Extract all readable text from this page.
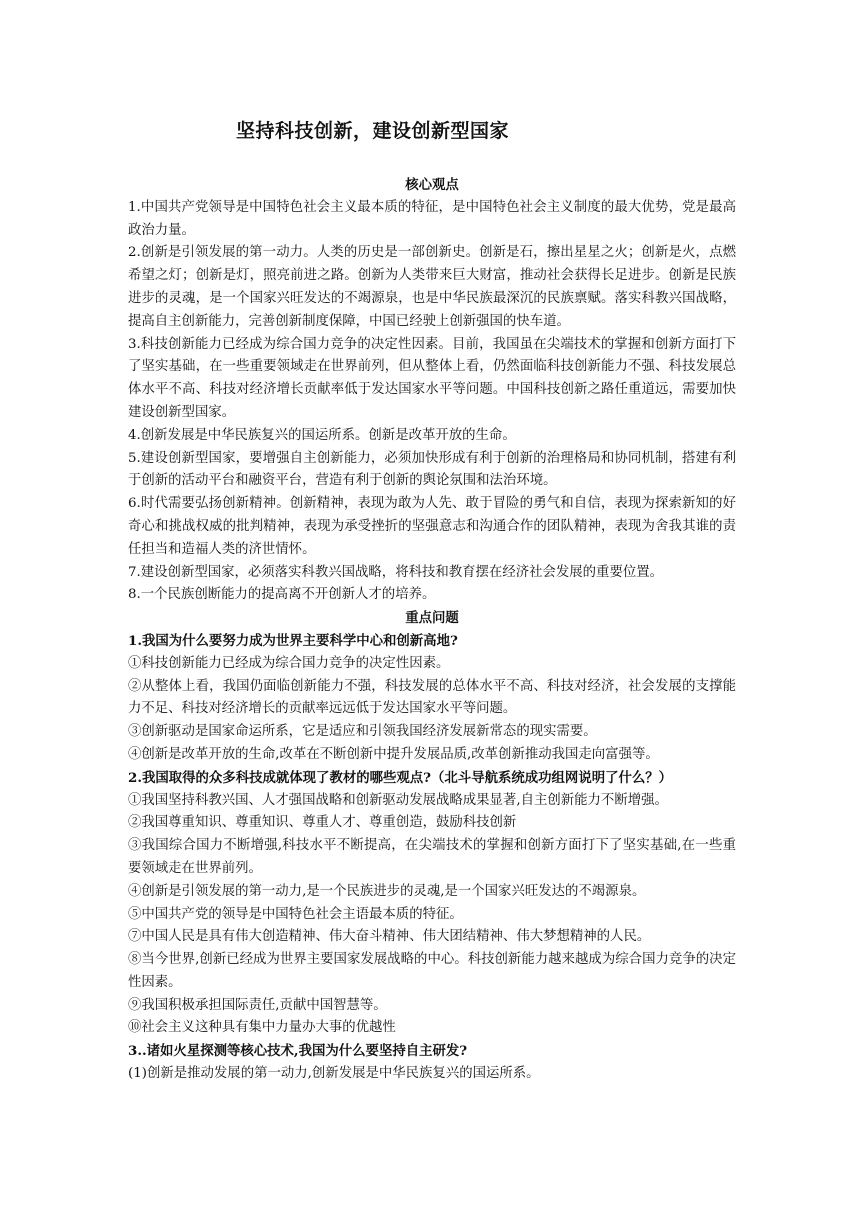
坚持科技创新，建设创新型国家

核心观点

1.中国共产党领导是中国特色社会主义最本质的特征，是中国特色社会主义制度的最大优势，党是最高政治力量。

2.创新是引领发展的第一动力。人类的历史是一部创新史。创新是石，擦出星星之火；创新是火，点燃希望之灯；创新是灯，照亮前进之路。创新为人类带来巨大财富，推动社会获得长足进步。创新是民族进步的灵魂，是一个国家兴旺发达的不竭源泉，也是中华民族最深沉的民族禀赋。落实科教兴国战略，提高自主创新能力，完善创新制度保障，中国已经驶上创新强国的快车道。

3.科技创新能力已经成为综合国力竞争的决定性因素。目前，我国虽在尖端技术的掌握和创新方面打下了坚实基础，在一些重要领域走在世界前列，但从整体上看，仍然面临科技创新能力不强、科技发展总体水平不高、科技对经济增长贡献率低于发达国家水平等问题。中国科技创新之路任重道远，需要加快建设创新型国家。

4.创新发展是中华民族复兴的国运所系。创新是改革开放的生命。

5.建设创新型国家，要增强自主创新能力，必须加快形成有利于创新的治理格局和协同机制，搭建有利于创新的活动平台和融资平台，营造有利于创新的舆论氛围和法治环境。

6.时代需要弘扬创新精神。创新精神，表现为敢为人先、敢于冒险的勇气和自信，表现为探索新知的好奇心和挑战权威的批判精神，表现为承受挫折的坚强意志和沟通合作的团队精神，表现为舍我其谁的责任担当和造福人类的济世情怀。

7.建设创新型国家，必须落实科教兴国战略，将科技和教育摆在经济社会发展的重要位置。

8.一个民族创断能力的提高离不开创新人才的培养。

重点问题

1.我国为什么要努力成为世界主要科学中心和创新高地?

①科技创新能力已经成为综合国力竞争的决定性因素。

②从整体上看，我国仍面临创新能力不强，科技发展的总体水平不高、科技对经济，社会发展的支撑能力不足、科技对经济增长的贡献率远远低于发达国家水平等问题。

③创新驱动是国家命运所系，它是适应和引领我国经济发展新常态的现实需要。

④创新是改革开放的生命,改革在不断创新中提升发展品质,改革创新推动我国走向富强等。

2.我国取得的众多科技成就体现了教材的哪些观点?（北斗导航系统成功组网说明了什么？）

①我国坚持科教兴国、人才强国战略和创新驱动发展战略成果显著,自主创新能力不断增强。

②我国尊重知识、尊重知识、尊重人才、尊重创造，鼓励科技创新

③我国综合国力不断增强,科技水平不断提高，在尖端技术的掌握和创新方面打下了坚实基础,在一些重要领域走在世界前列。

④创新是引领发展的第一动力,是一个民族进步的灵魂,是一个国家兴旺发达的不竭源泉。

⑤中国共产党的领导是中国特色社会主语最本质的特征。

⑦中国人民是具有伟大创造精神、伟大奋斗精神、伟大团结精神、伟大梦想精神的人民。

⑧当今世界,创新已经成为世界主要国家发展战略的中心。科技创新能力越来越成为综合国力竞争的决定性因素。

⑨我国积极承担国际责任,贡献中国智慧等。

⑩社会主义这种具有集中力量办大事的优越性

3..诸如火星探测等核心技术,我国为什么要坚持自主研发?

(1)创新是推动发展的第一动力,创新发展是中华民族复兴的国运所系。
